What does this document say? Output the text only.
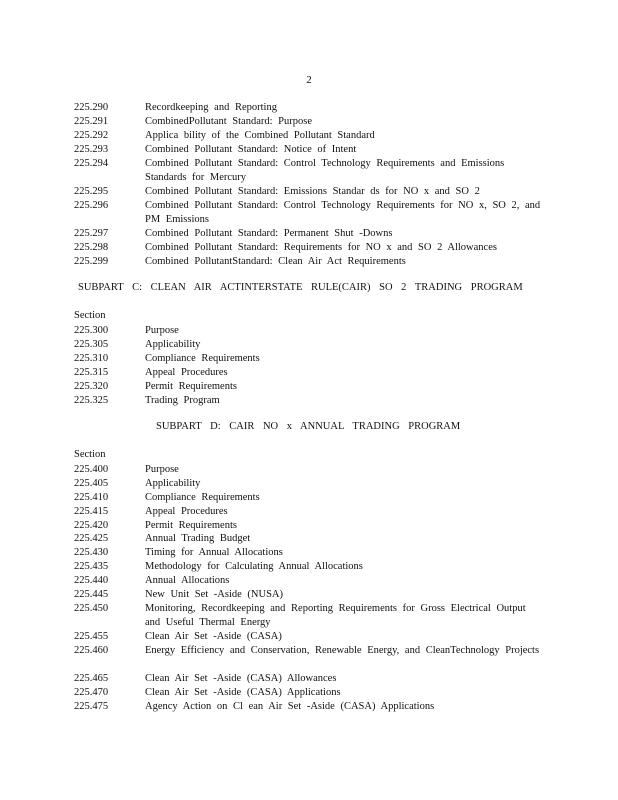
2
225.290	Recordkeeping and Reporting
225.291	CombinedPollutant Standard: Purpose
225.292	Applica bility of the Combined Pollutant Standard
225.293	Combined Pollutant Standard: Notice of Intent
225.294	Combined Pollutant Standard: Control Technology Requirements and Emissions Standards for Mercury
225.295	Combined Pollutant Standard: Emissions Standar ds for NO x and SO 2
225.296	Combined Pollutant Standard: Control Technology Requirements for NO x, SO 2, and PM Emissions
225.297	Combined Pollutant Standard: Permanent Shut -Downs
225.298	Combined Pollutant Standard: Requirements for NO x and SO 2 Allowances
225.299	Combined PollutantStandard: Clean Air Act Requirements
SUBPART C: CLEAN AIR ACTINTERSTATE RULE(CAIR) SO 2 TRADING PROGRAM
Section
225.300	Purpose
225.305	Applicability
225.310	Compliance Requirements
225.315	Appeal Procedures
225.320	Permit Requirements
225.325	Trading Program
SUBPART D: CAIR NO x ANNUAL TRADING PROGRAM
Section
225.400	Purpose
225.405	Applicability
225.410	Compliance Requirements
225.415	Appeal Procedures
225.420	Permit Requirements
225.425	Annual Trading Budget
225.430	Timing for Annual Allocations
225.435	Methodology for Calculating Annual Allocations
225.440	Annual Allocations
225.445	New Unit Set -Aside (NUSA)
225.450	Monitoring, Recordkeeping and Reporting Requirements for Gross Electrical Output and Useful Thermal Energy
225.455	Clean Air Set -Aside (CASA)
225.460	Energy Efficiency and Conservation, Renewable Energy, and CleanTechnology Projects
225.465	Clean Air Set -Aside (CASA) Allowances
225.470	Clean Air Set -Aside (CASA) Applications
225.475	Agency Action on Cl ean Air Set -Aside (CASA) Applications
